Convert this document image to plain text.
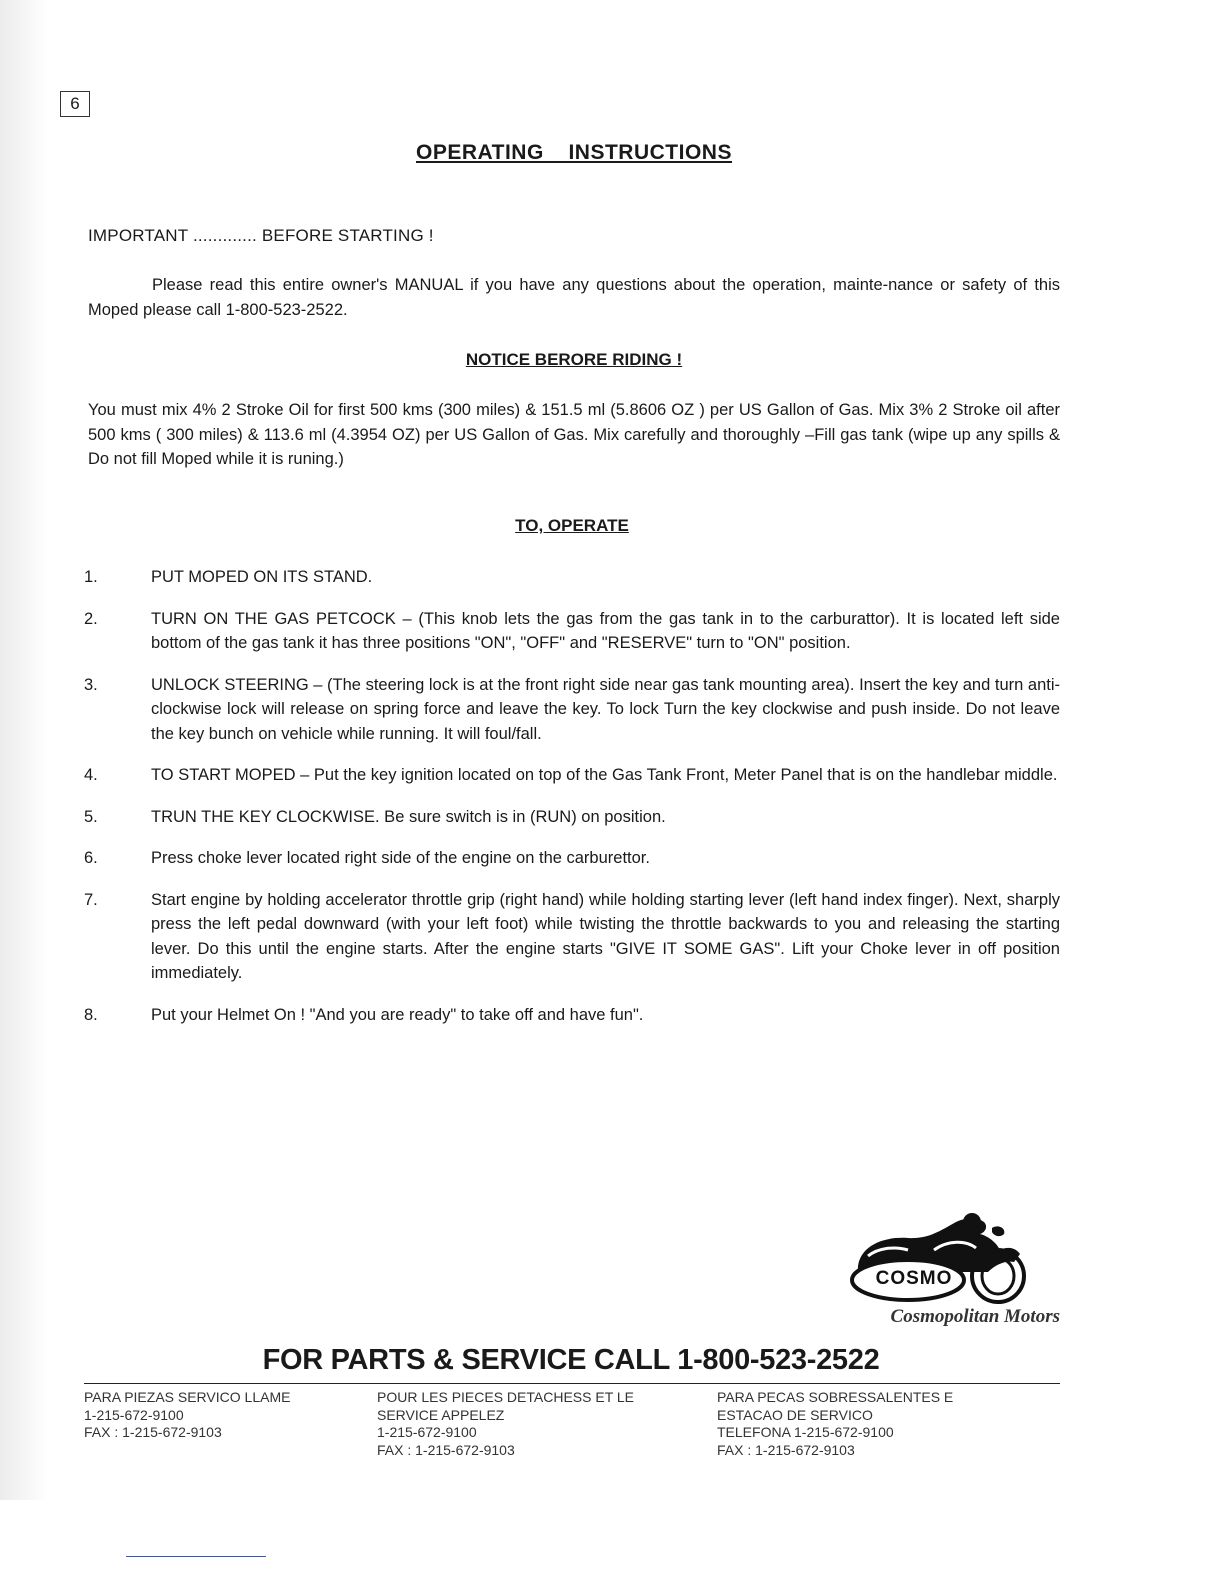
6
OPERATING  INSTRUCTIONS
IMPORTANT ............. BEFORE STARTING !
Please read this entire owner's MANUAL if you have any questions about the operation, mainte-nance or safety of this Moped please call 1-800-523-2522.
NOTICE BERORE RIDING !
You must mix 4% 2 Stroke Oil for first 500 kms (300 miles) & 151.5 ml (5.8606 OZ ) per US Gallon of Gas. Mix 3% 2 Stroke oil after 500 kms ( 300 miles) & 113.6 ml (4.3954 OZ) per US Gallon of Gas. Mix carefully and thoroughly –Fill gas tank (wipe up any spills & Do not fill Moped while it is runing.)
TO, OPERATE
1.	PUT MOPED ON ITS STAND.
2.	TURN ON THE GAS PETCOCK – (This knob lets the gas from the gas tank in to the carburattor). It is located left side bottom of the gas tank it has three positions "ON", "OFF" and "RESERVE" turn to "ON" position.
3.	UNLOCK STEERING – (The steering lock is at the front right side near gas tank mounting area). Insert the key and turn anti-clockwise lock will release on spring force and leave the key. To lock Turn the key clockwise and push inside. Do not leave the key bunch on vehicle while running. It will foul/fall.
4.	TO START MOPED – Put the key ignition located on top of the Gas Tank Front, Meter Panel that is on the handlebar middle.
5.	TRUN THE KEY CLOCKWISE. Be sure switch is in (RUN) on position.
6.	Press choke lever located right side of the engine on the carburettor.
7.	Start engine by holding accelerator throttle grip (right hand) while holding starting lever (left hand index finger). Next, sharply press the left pedal downward (with your left foot) while twisting the throttle backwards to you and releasing the starting lever. Do this until the engine starts. After the engine starts "GIVE IT SOME GAS". Lift your Choke lever in off position immediately.
8.	Put your Helmet On ! "And you are ready" to take off and have fun".
COSMO
Cosmopolitan Motors
FOR PARTS & SERVICE CALL 1-800-523-2522
PARA PIEZAS SERVICO LLAME
1-215-672-9100
FAX : 1-215-672-9103
POUR LES PIECES DETACHESS ET LE
SERVICE APPELEZ
1-215-672-9100
FAX : 1-215-672-9103
PARA PECAS SOBRESSALENTES E
ESTACAO DE SERVICO
TELEFONA 1-215-672-9100
FAX : 1-215-672-9103
